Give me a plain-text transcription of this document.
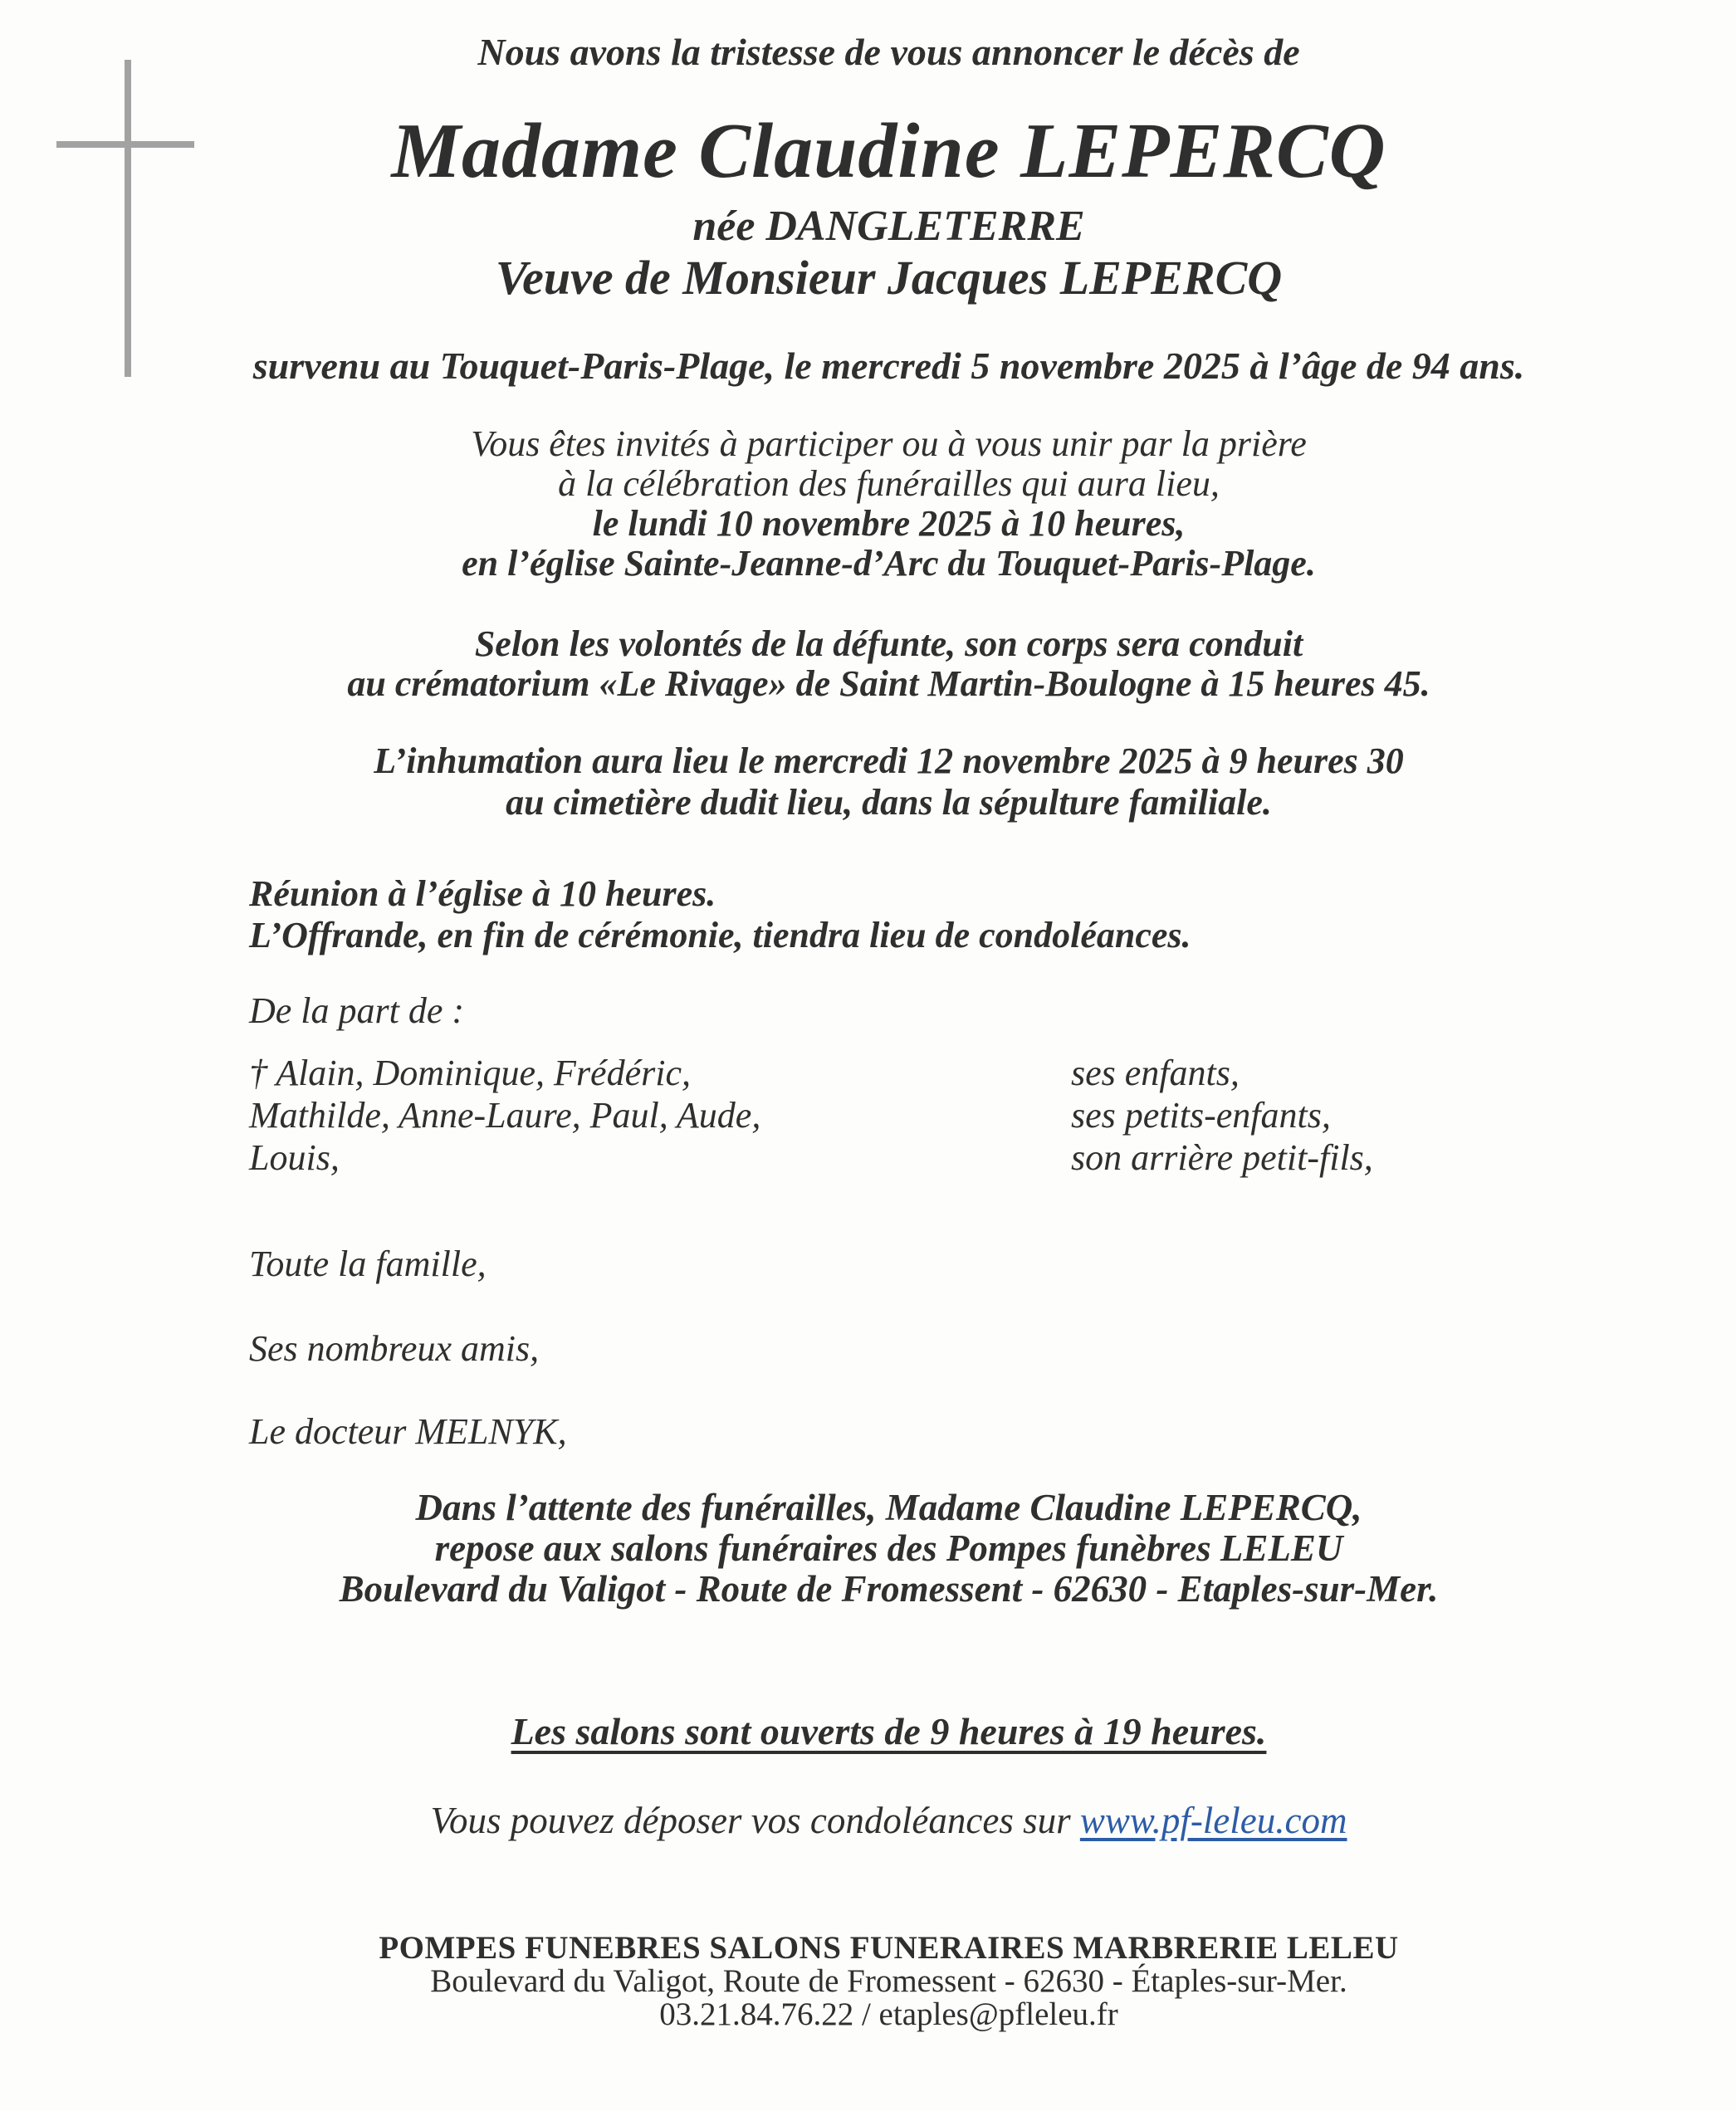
Nous avons la tristesse de vous annoncer le décès de
Madame Claudine LEPERCQ
née DANGLETERRE
Veuve de Monsieur Jacques LEPERCQ
survenu au Touquet-Paris-Plage, le mercredi 5 novembre 2025 à l’âge de 94 ans.
Vous êtes invités à participer ou à vous unir par la prière
à la célébration des funérailles qui aura lieu,
le lundi 10 novembre 2025 à 10 heures,
en l’église Sainte-Jeanne-d’Arc du Touquet-Paris-Plage.
Selon les volontés de la défunte, son corps sera conduit
au crématorium «Le Rivage» de Saint Martin-Boulogne à 15 heures 45.
L’inhumation aura lieu le mercredi 12 novembre 2025 à 9 heures 30
au cimetière dudit lieu, dans la sépulture familiale.
Réunion à l’église à 10 heures.
L’Offrande, en fin de cérémonie, tiendra lieu de condoléances.
De la part de :
† Alain, Dominique, Frédéric,	ses enfants,
Mathilde, Anne-Laure, Paul, Aude,	ses petits-enfants,
Louis,	son arrière petit-fils,
Toute la famille,
Ses nombreux amis,
Le docteur MELNYK,
Dans l’attente des funérailles, Madame Claudine LEPERCQ,
repose aux salons funéraires des Pompes funèbres LELEU
Boulevard du Valigot - Route de Fromessent - 62630 - Etaples-sur-Mer.
Les salons sont ouverts de 9 heures à 19 heures.
Vous pouvez déposer vos condoléances sur www.pf-leleu.com
POMPES FUNEBRES SALONS FUNERAIRES MARBRERIE LELEU
Boulevard du Valigot, Route de Fromessent - 62630 - Étaples-sur-Mer.
03.21.84.76.22 / etaples@pfleleu.fr
